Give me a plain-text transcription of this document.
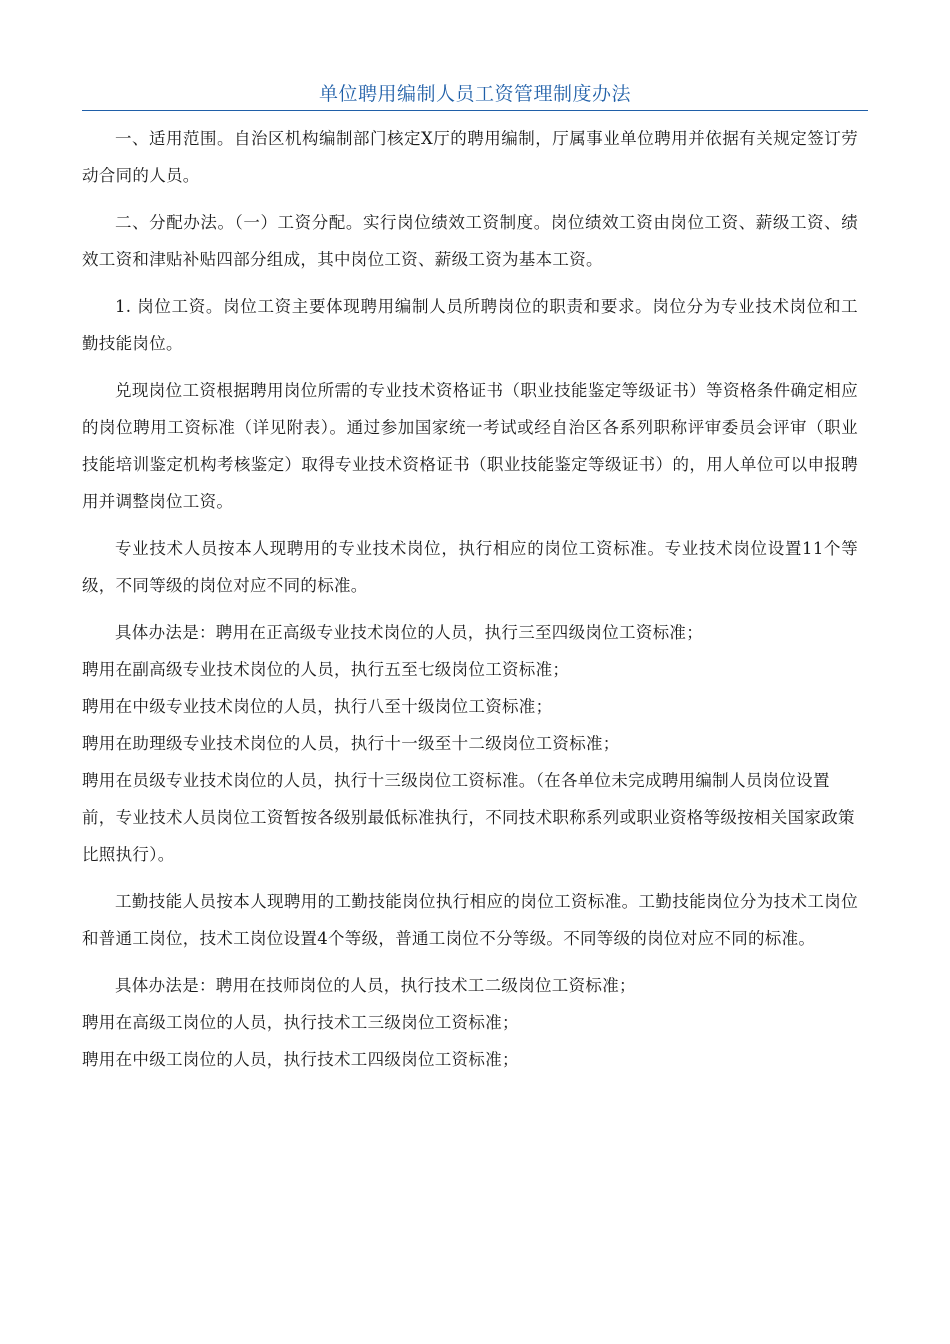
单位聘用编制人员工资管理制度办法

一、适用范围。自治区机构编制部门核定X厅的聘用编制，厅属事业单位聘用并依据有关规定签订劳动合同的人员。

二、分配办法。（一）工资分配。实行岗位绩效工资制度。岗位绩效工资由岗位工资、薪级工资、绩效工资和津贴补贴四部分组成，其中岗位工资、薪级工资为基本工资。

1. 岗位工资。岗位工资主要体现聘用编制人员所聘岗位的职责和要求。岗位分为专业技术岗位和工勤技能岗位。

兑现岗位工资根据聘用岗位所需的专业技术资格证书（职业技能鉴定等级证书）等资格条件确定相应的岗位聘用工资标准（详见附表）。通过参加国家统一考试或经自治区各系列职称评审委员会评审（职业技能培训鉴定机构考核鉴定）取得专业技术资格证书（职业技能鉴定等级证书）的，用人单位可以申报聘用并调整岗位工资。

专业技术人员按本人现聘用的专业技术岗位，执行相应的岗位工资标准。专业技术岗位设置11个等级，不同等级的岗位对应不同的标准。

具体办法是：聘用在正高级专业技术岗位的人员，执行三至四级岗位工资标准；

聘用在副高级专业技术岗位的人员，执行五至七级岗位工资标准；

聘用在中级专业技术岗位的人员，执行八至十级岗位工资标准；

聘用在助理级专业技术岗位的人员，执行十一级至十二级岗位工资标准；

聘用在员级专业技术岗位的人员，执行十三级岗位工资标准。（在各单位未完成聘用编制人员岗位设置前，专业技术人员岗位工资暂按各级别最低标准执行，不同技术职称系列或职业资格等级按相关国家政策比照执行）。

工勤技能人员按本人现聘用的工勤技能岗位执行相应的岗位工资标准。工勤技能岗位分为技术工岗位和普通工岗位，技术工岗位设置4个等级，普通工岗位不分等级。不同等级的岗位对应不同的标准。

具体办法是：聘用在技师岗位的人员，执行技术工二级岗位工资标准；

聘用在高级工岗位的人员，执行技术工三级岗位工资标准；

聘用在中级工岗位的人员，执行技术工四级岗位工资标准；
